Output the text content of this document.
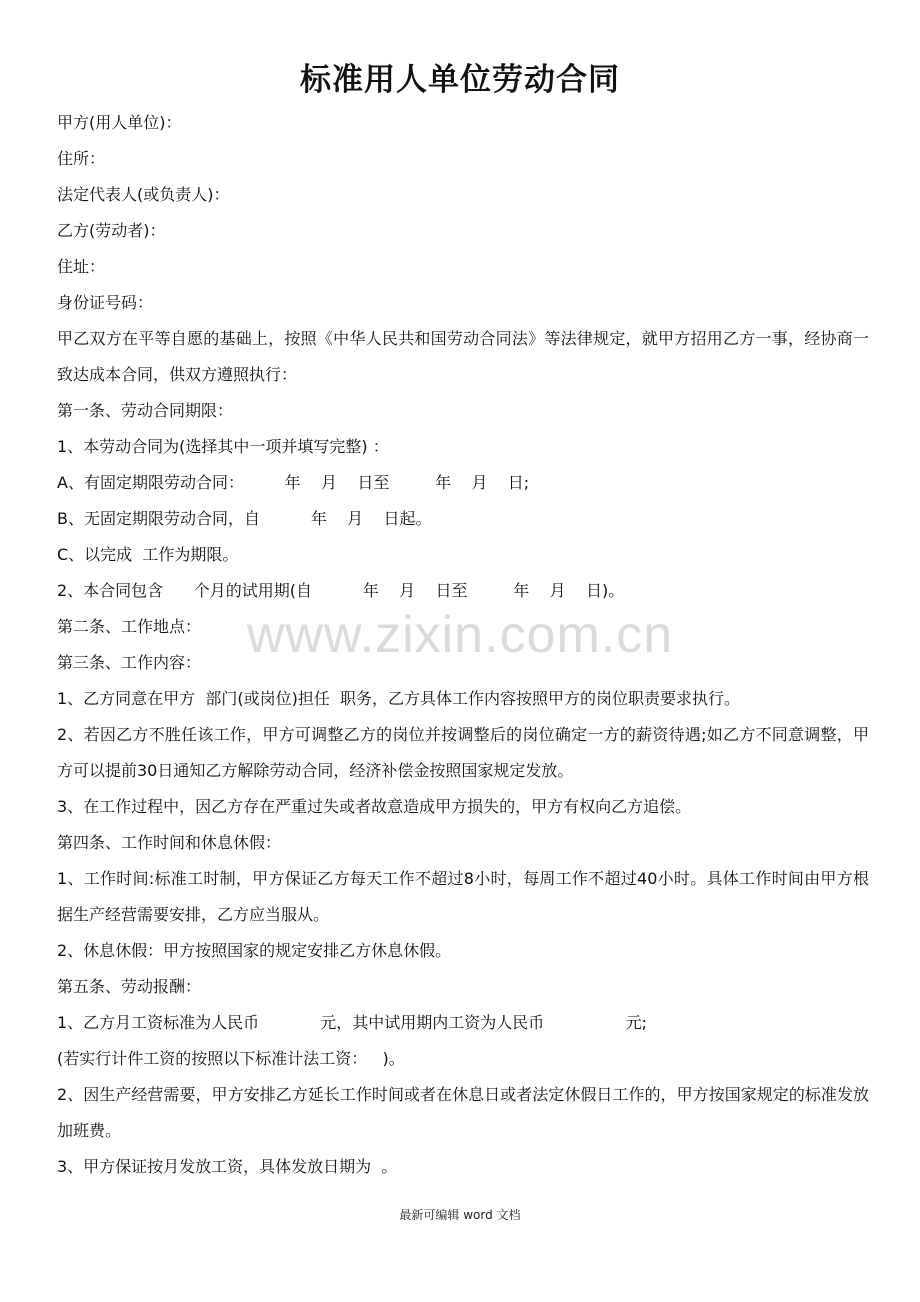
标准用人单位劳动合同
www.zixin.com.cn
甲方(用人单位)：
住所：
法定代表人(或负责人)：
乙方(劳动者)：
住址：
身份证号码：
甲乙双方在平等自愿的基础上，按照《中华人民共和国劳动合同法》等法律规定，就甲方招用乙方一事，经协商一致达成本合同，供双方遵照执行：
第一条、劳动合同期限：
1、本劳动合同为(选择其中一项并填写完整) ：
A、有固定期限劳动合同：        年    月    日至         年    月    日;
B、无固定期限劳动合同，自          年    月    日起。
C、以完成  工作为期限。
2、本合同包含      个月的试用期(自          年    月    日至         年    月    日)。
第二条、工作地点：
第三条、工作内容：
1、乙方同意在甲方  部门(或岗位)担任  职务，乙方具体工作内容按照甲方的岗位职责要求执行。
2、若因乙方不胜任该工作，甲方可调整乙方的岗位并按调整后的岗位确定一方的薪资待遇;如乙方不同意调整，甲方可以提前30日通知乙方解除劳动合同，经济补偿金按照国家规定发放。
3、在工作过程中，因乙方存在严重过失或者故意造成甲方损失的，甲方有权向乙方追偿。
第四条、工作时间和休息休假：
1、工作时间:标准工时制，甲方保证乙方每天工作不超过8小时，每周工作不超过40小时。具体工作时间由甲方根据生产经营需要安排，乙方应当服从。
2、休息休假：甲方按照国家的规定安排乙方休息休假。
第五条、劳动报酬：
1、乙方月工资标准为人民币            元，其中试用期内工资为人民币                元;
(若实行计件工资的按照以下标准计法工资：   )。
2、因生产经营需要，甲方安排乙方延长工作时间或者在休息日或者法定休假日工作的，甲方按国家规定的标准发放加班费。
3、甲方保证按月发放工资，具体发放日期为  。
最新可编辑 word 文档
